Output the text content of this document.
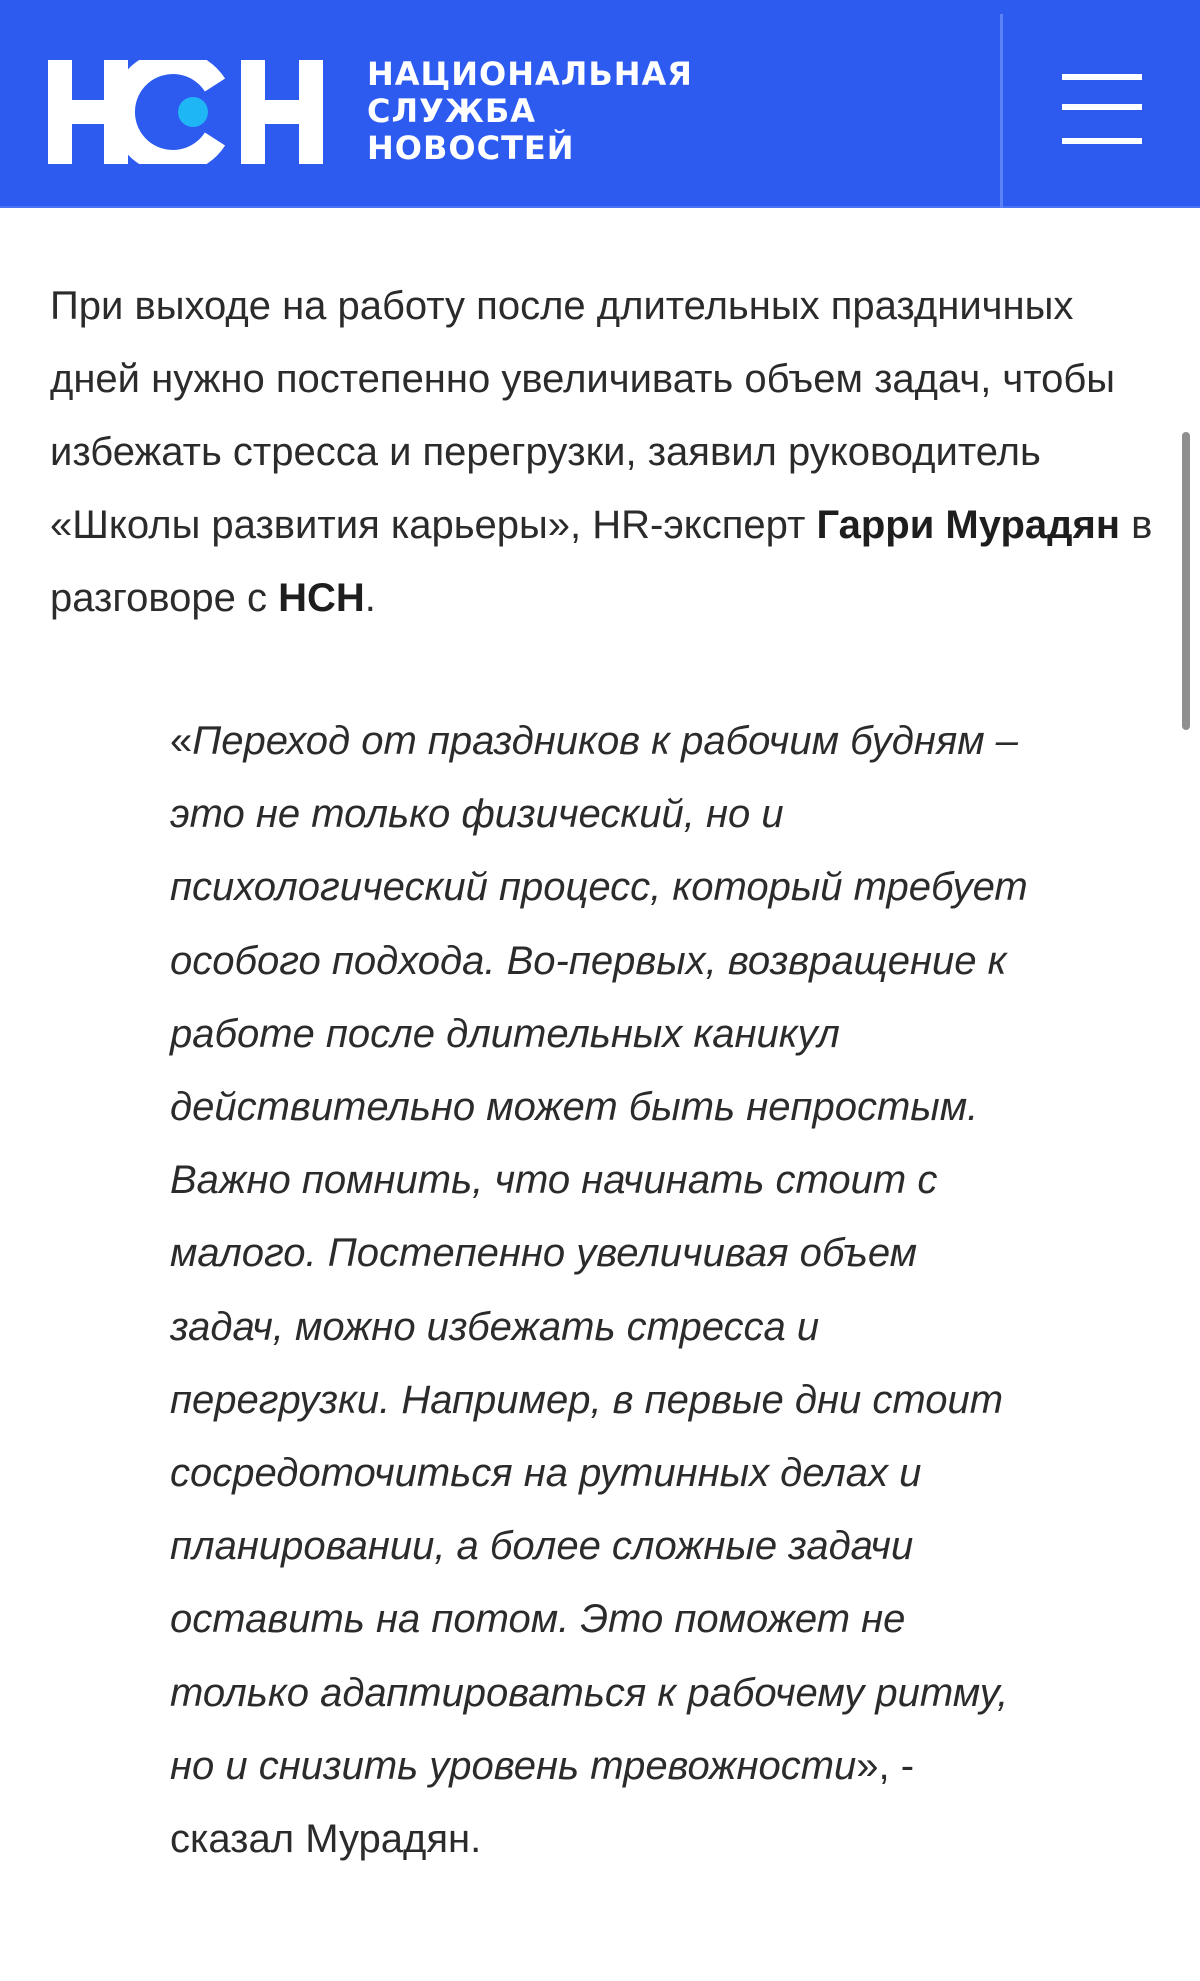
НАЦИОНАЛЬНАЯ
СЛУЖБА
НОВОСТЕЙ

При выходе на работу после длительных праздничных дней нужно постепенно увеличивать объем задач, чтобы избежать стресса и перегрузки, заявил руководитель «Школы развития карьеры», HR-эксперт Гарри Мурадян в разговоре с НСН.

«Переход от праздников к рабочим будням – это не только физический, но и психологический процесс, который требует особого подхода. Во-первых, возвращение к работе после длительных каникул действительно может быть непростым. Важно помнить, что начинать стоит с малого. Постепенно увеличивая объем задач, можно избежать стресса и перегрузки. Например, в первые дни стоит сосредоточиться на рутинных делах и планировании, а более сложные задачи оставить на потом. Это поможет не только адаптироваться к рабочему ритму, но и снизить уровень тревожности», - сказал Мурадян.
